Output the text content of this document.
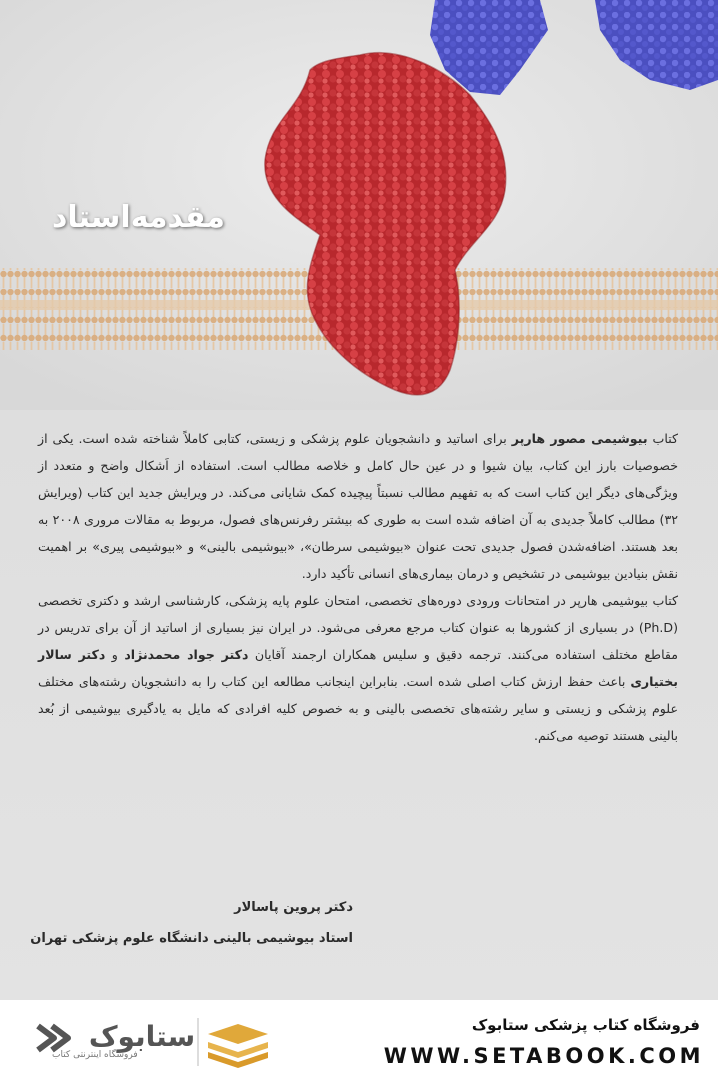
مقدمه‌استاد

کتاب بیوشیمی مصور هارپر برای اساتید و دانشجویان علوم پزشکی و زیستی، کتابی کاملاً شناخته شده است. یکی از خصوصیات بارز این کتاب، بیان شیوا و در عین حال کامل و خلاصه مطالب است. استفاده از اَشکال واضح و متعدد از ویژگی‌های دیگر این کتاب است که به تفهیم مطالب نسبتاً پیچیده کمک شایانی می‌کند. در ویرایش جدید این کتاب (ویرایش ۳۲) مطالب کاملاً جدیدی به آن اضافه شده است به طوری که بیشتر رفرنس‌های فصول، مربوط به مقالات مروری ۲۰۰۸ به بعد هستند. اضافه‌شدن فصول جدیدی تحت عنوان «بیوشیمی سرطان»، «بیوشیمی بالینی» و «بیوشیمی پیری» بر اهمیت نقش بنیادین بیوشیمی در تشخیص و درمان بیماری‌های انسانی تأکید دارد.

کتاب بیوشیمی هارپر در امتحانات ورودی دوره‌های تخصصی، امتحان علوم پایه پزشکی، کارشناسی ارشد و دکتری تخصصی (Ph.D) در بسیاری از کشورها به عنوان کتاب مرجع معرفی می‌شود. در ایران نیز بسیاری از اساتید از آن برای تدریس در مقاطع مختلف استفاده می‌کنند. ترجمه دقیق و سلیس همکاران ارجمند آقایان دکتر جواد محمدنژاد و دکتر سالار بختیاری باعث حفظ ارزش کتاب اصلی شده است. بنابراین اینجانب مطالعه این کتاب را به دانشجویان رشته‌های مختلف علوم پزشکی و زیستی و سایر رشته‌های تخصصی بالینی و به خصوص کلیه افرادی که مایل به یادگیری بیوشیمی از بُعد بالینی هستند توصیه می‌کنم.

دکتر پروین پاسالار
استاد بیوشیمی بالینی دانشگاه علوم پزشکی تهران
ستابوک
فروشگاه اینترنتی کتاب
فروشگاه کتاب پزشکی ستابوک
WWW.SETABOOK.COM
